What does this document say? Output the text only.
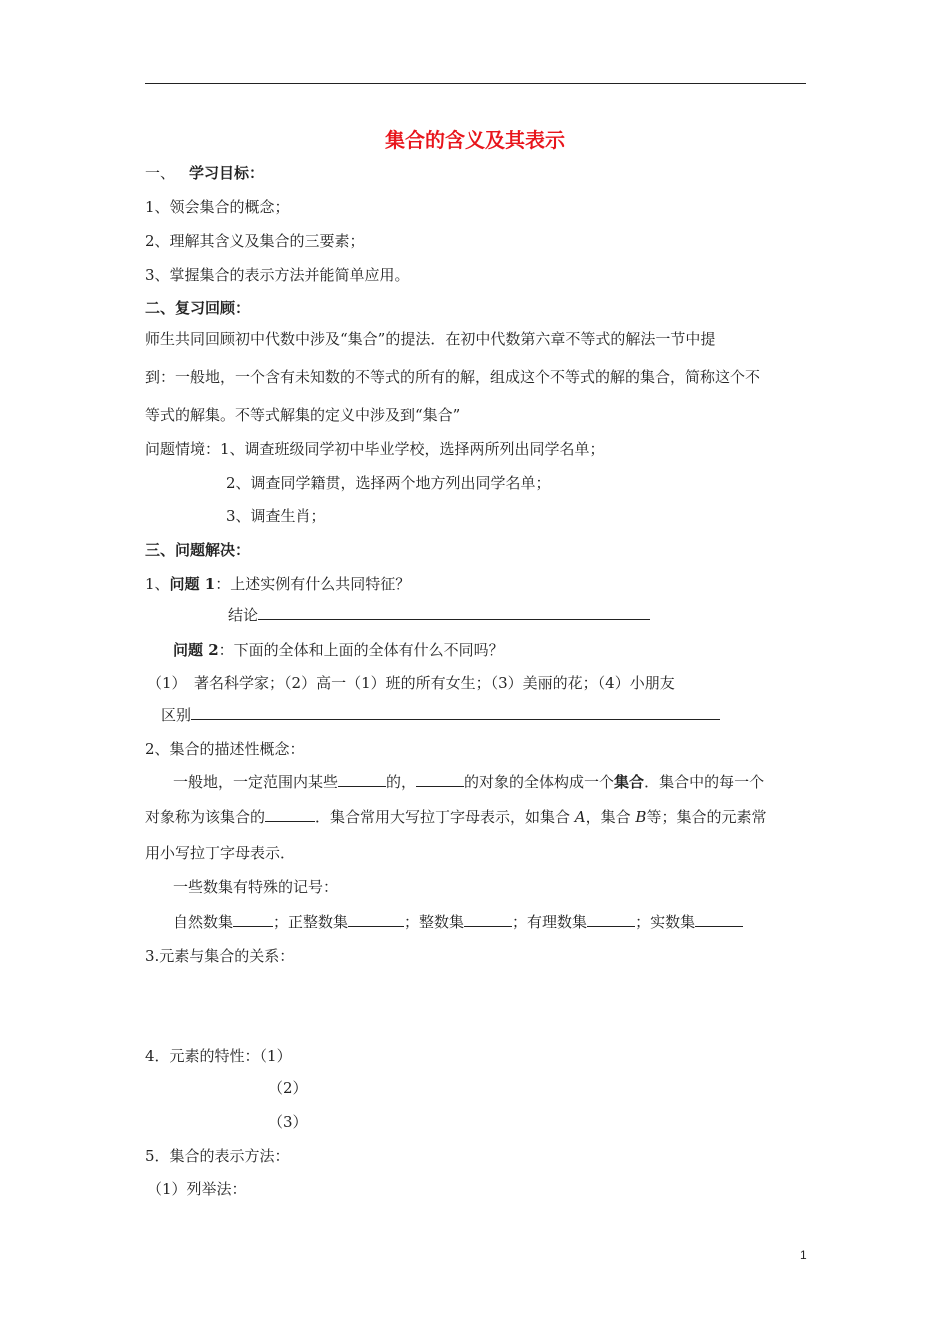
集合的含义及其表示
一、 学习目标：
1、领会集合的概念；
2、理解其含义及集合的三要素；
3、掌握集合的表示方法并能简单应用。
二、复习回顾：
师生共同回顾初中代数中涉及“集合”的提法．在初中代数第六章不等式的解法一节中提
到：一般地，一个含有未知数的不等式的所有的解，组成这个不等式的解的集合，简称这个不
等式的解集。不等式解集的定义中涉及到“集合”
问题情境：1、调查班级同学初中毕业学校，选择两所列出同学名单；
2、调查同学籍贯，选择两个地方列出同学名单；
3、调查生肖；
三、问题解决：
1、问题 1：上述实例有什么共同特征？
结论
问题 2：下面的全体和上面的全体有什么不同吗？
（1）　著名科学家；（2）高一（1）班的所有女生；（3）美丽的花；（4）小朋友
区别
2、集合的描述性概念：
一般地，一定范围内某些	的，	的对象的全体构成一个集合．集合中的每一个
对象称为该集合的	．集合常用大写拉丁字母表示，如集合 A，集合 B等；集合的元素常
用小写拉丁字母表示．
一些数集有特殊的记号：
自然数集	；正整数集	；整数集	；有理数集	；实数集
3.元素与集合的关系：
4．元素的特性：（1）
（2）
（3）
5．集合的表示方法：
（1）列举法：
1
